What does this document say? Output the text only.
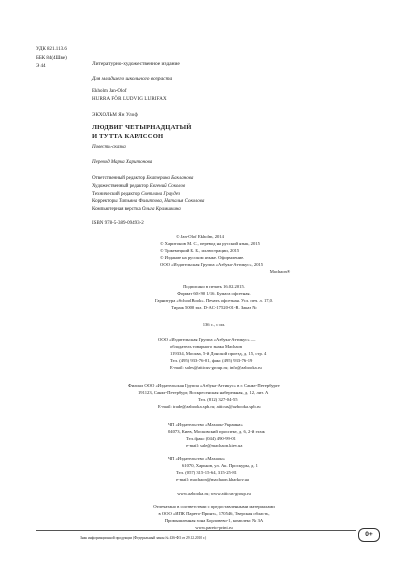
УДК 821.113.6
ББК 84(4Шве)
Э 44	Литературно-художественное издание
Для младшего школьного возраста
Ekholm Jan-Olof
HURRA FÖR LUDVIG LURIFAX
ЭКХОЛЬМ Ян Улоф
ЛЮДВИГ ЧЕТЫРНАДЦАТЫЙ
И ТУТТА КАРЛССОН
Повесть-сказка
Перевод Марка Харитонова
Ответственный редактор Екатерина Бакланова
Художественный редактор Евгений Соколов
Технический редактор Светлана Граудез
Корректоры Татьяна Филиппова, Наталья Соколова
Компьютерная верстка Ольга Крамшкина
ISBN 978-5-389-09493-2
© Jan-Olof Ekholm, 2014
© Харитонов М. С., перевод на русский язык, 2015
© Тржемецкий Б. Б., иллюстрации, 2015
© Издание на русском языке. Оформление.
ООО «Издательская Группа «Азбука-Аттикус», 2015
Machaon®
Подписано в печать 16.02.2015.
Формат 60×90 1/16. Бумага офсетная.
Гарнитура «SchoolBook». Печать офсетная. Усл. печ. л. 17,0.
Тираж 5000 экз. D-AC-17520-01-R. Заказ №
136 с., с ил.
ООО «Издательская Группа «Азбука-Аттикус» —
обладатель товарного знака Machaon
119334, Москва, 5-й Донской проезд, д. 15, стр. 4
Тел. (495) 933-76-01, факс (495) 933-76-19
E-mail: sales@atticus-group.ru; info@azbooka.ru
Филиал ООО «Издательская Группа «Азбука-Аттикус» в г. Санкт-Петербурге
191123, Санкт-Петербург, Воскресенская набережная, д. 12, лит. А
Тел. (812) 327-04-55
E-mail: trade@azbooka.spb.ru; atticus@azbooka.spb.ru
ЧП «Издательство «Махаон-Украина»
04073, Киев, Московский проспект, д. 6, 2-й этаж
Тел./факс (044) 490-99-01
e-mail: sale@machaon.kiev.ua
ЧП «Издательство «Махаон»
61070, Харьков, ул. Ак. Проскуры, д. 1
Тел. (057) 315-15-64, 315-25-81
e-mail: machaon@machaon.kharkov.ua
www.azbooka.ru; www.atticus-group.ru
Отпечатано в соответствии с предоставленными материалами
в ООО «ИПК Парето-Принт», 170546, Тверская область,
Промышленная зона Борловево-1, комплекс № 3А
www.pareto-print.ru
Знак информационной продукции (Федеральный закон № 436-ФЗ от 29.12.2010 г.)	0+
